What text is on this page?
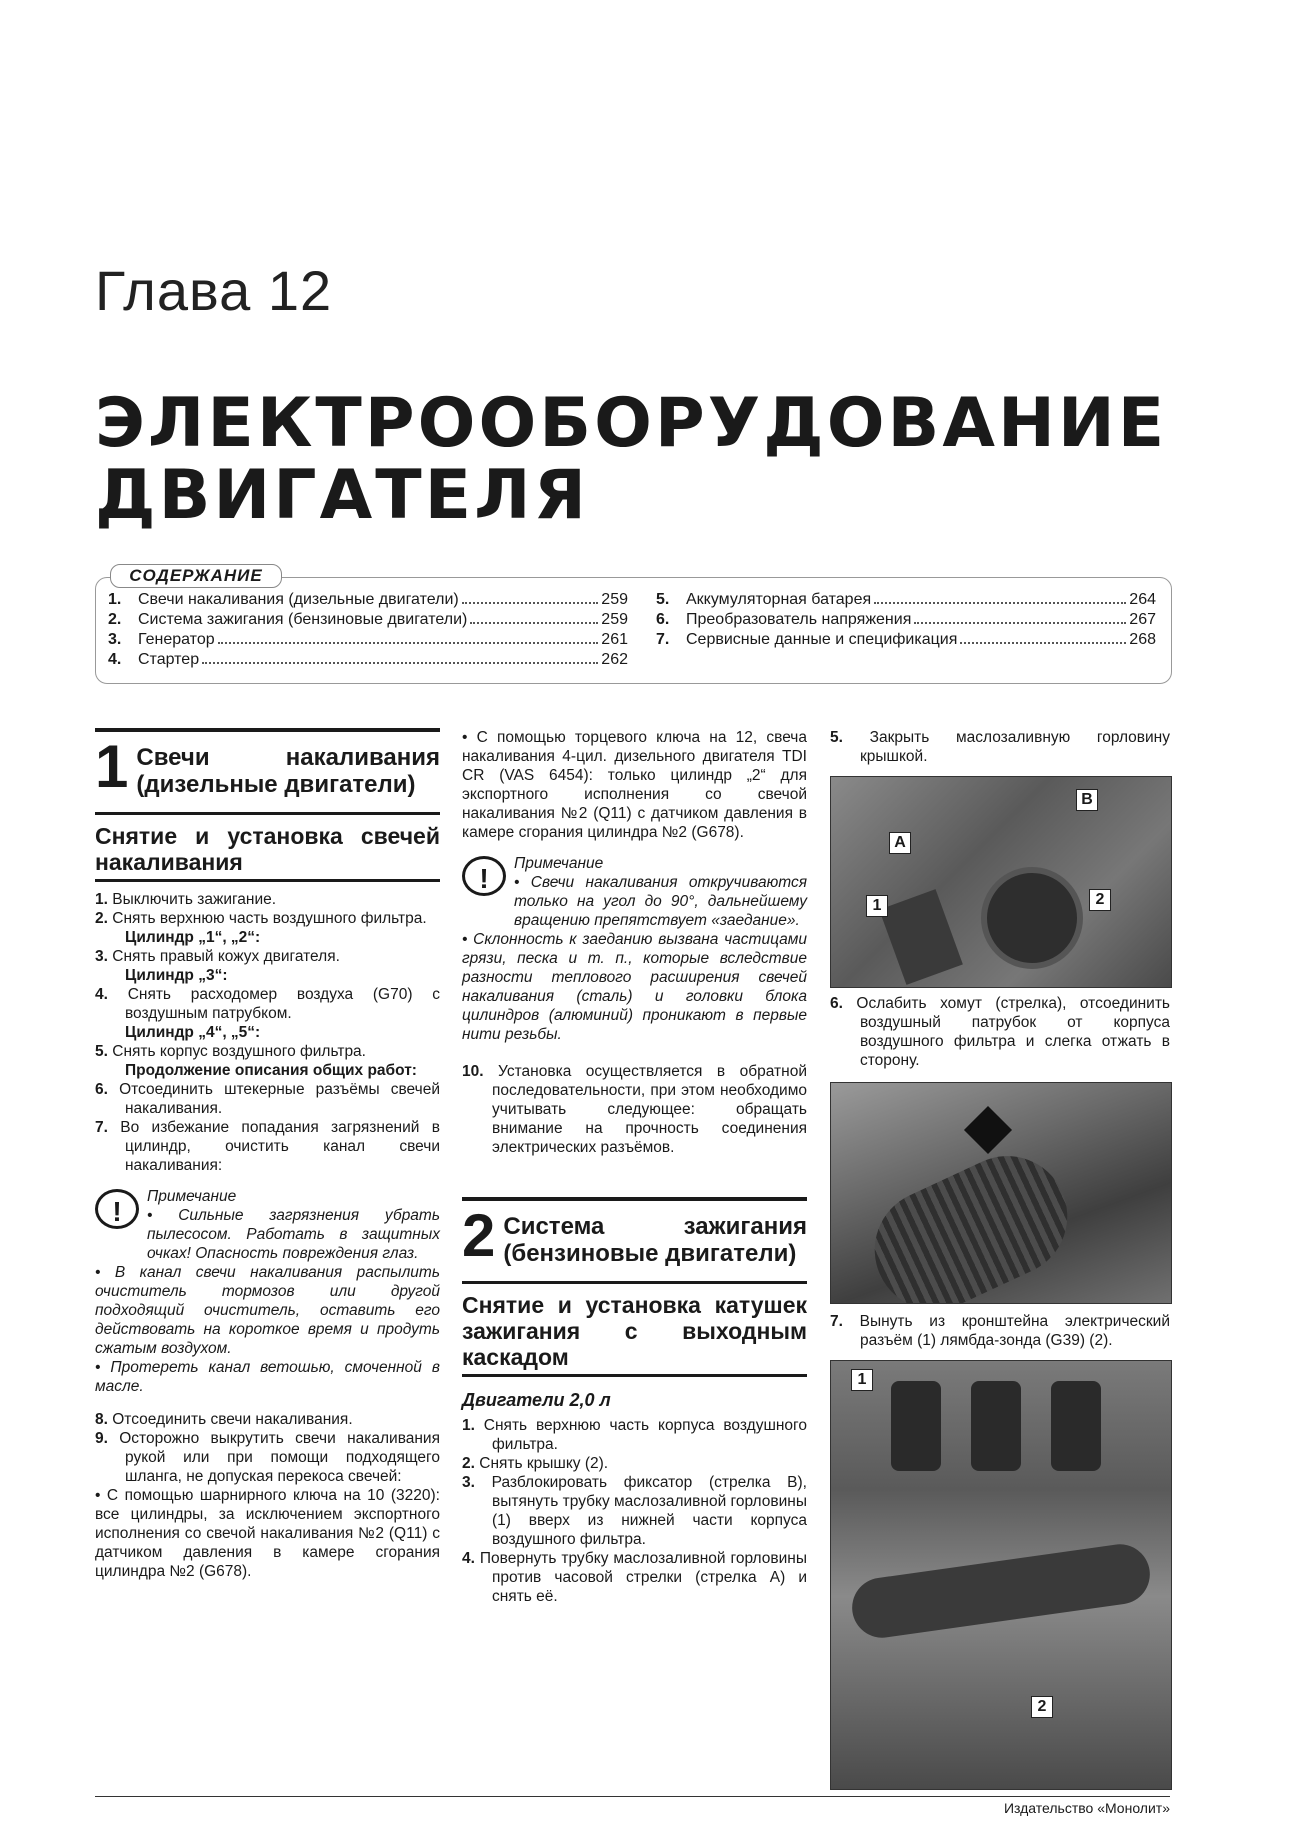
Глава 12
ЭЛЕКТРООБОРУДОВАНИЕ ДВИГАТЕЛЯ
1.	Свечи накаливания (дизельные двигатели)	259
2.	Система зажигания (бензиновые двигатели)	259
3.	Генератор	261
4.	Стартер	262
5.	Аккумуляторная батарея	264
6.	Преобразователь напряжения	267
7.	Сервисные данные и спецификация	268
СОДЕРЖАНИЕ
1 Свечи накаливания (дизельные двигатели)
Снятие и установка свечей накаливания

1. Выключить зажигание.

2. Снять верхнюю часть воздушного фильтра.

Цилиндр „1“, „2“:

3. Снять правый кожух двигателя.

Цилиндр „3“:

4. Снять расходомер воздуха (G70) с воздушным патрубком.

Цилиндр „4“, „5“:

5. Снять корпус воздушного фильтра.

Продолжение описания общих работ:

6. Отсоединить штекерные разъёмы свечей накаливания.

7. Во избежание попадания загрязнений в цилиндр, очистить канал свечи накаливания:

!	Примечание

• Сильные загрязнения убрать пылесосом. Работать в защитных очках! Опасность повреждения глаз.

• В канал свечи накаливания распылить очиститель тормозов или другой подходящий очиститель, оставить его действовать на короткое время и продуть сжатым воздухом.

• Протереть канал ветошью, смоченной в масле.

8. Отсоединить свечи накаливания.

9. Осторожно выкрутить свечи накаливания рукой или при помощи подходящего шланга, не допуская перекоса свечей:

• С помощью шарнирного ключа на 10 (3220): все цилиндры, за исключением экспортного исполнения со свечой накаливания №2 (Q11) с датчиком давления в камере сгорания цилиндра №2 (G678).

• С помощью торцевого ключа на 12, свеча накаливания 4-цил. дизельного двигателя TDI CR (VAS 6454): только цилиндр „2“ для экспортного исполнения со свечой накаливания №2 (Q11) с датчиком давления в камере сгорания цилиндра №2 (G678).

!	Примечание

• Свечи накаливания откручиваются только на угол до 90°, дальнейшему вращению препятствует «заедание».

• Склонность к заеданию вызвана частицами грязи, песка и т. п., которые вследствие разности теплового расширения свечей накаливания (сталь) и головки блока цилиндров (алюминий) проникают в первые нити резьбы.

10. Установка осуществляется в обратной последовательности, при этом необходимо учитывать следующее: обращать внимание на прочность соединения электрических разъёмов.

2 Система зажигания (бензиновые двигатели)
Снятие и установка катушек зажигания с выходным каскадом
Двигатели 2,0 л

1. Снять верхнюю часть корпуса воздушного фильтра.

2. Снять крышку (2).

3. Разблокировать фиксатор (стрелка B), вытянуть трубку маслозаливной горловины (1) вверх из нижней части корпуса воздушного фильтра.

4. Повернуть трубку маслозаливной горловины против часовой стрелки (стрелка A) и снять её.

5. Закрыть маслозаливную горловину крышкой.

A
B
1	2

6. Ослабить хомут (стрелка), отсоединить воздушный патрубок от корпуса воздушного фильтра и слегка отжать в сторону.

7. Вынуть из кронштейна электрический разъём (1) лямбда-зонда (G39) (2).

1
2
Издательство «Монолит»
